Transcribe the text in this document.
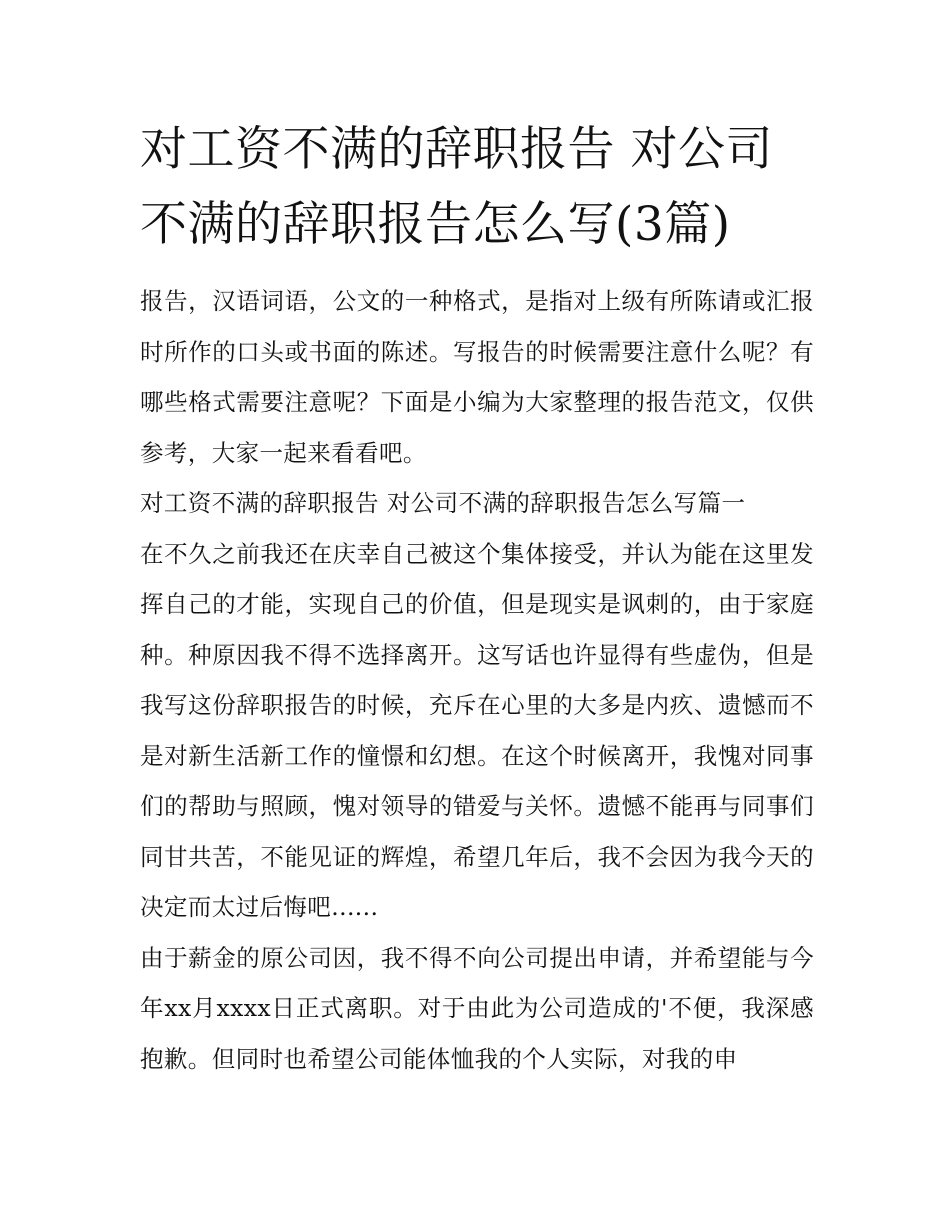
对工资不满的辞职报告 对公司不满的辞职报告怎么写(3篇)

报告，汉语词语，公文的一种格式，是指对上级有所陈请或汇报时所作的口头或书面的陈述。写报告的时候需要注意什么呢？有哪些格式需要注意呢？下面是小编为大家整理的报告范文，仅供参考，大家一起来看看吧。

对工资不满的辞职报告 对公司不满的辞职报告怎么写篇一

在不久之前我还在庆幸自己被这个集体接受，并认为能在这里发挥自己的才能，实现自己的价值，但是现实是讽刺的，由于家庭种。种原因我不得不选择离开。这写话也许显得有些虚伪，但是我写这份辞职报告的时候，充斥在心里的大多是内疚、遗憾而不是对新生活新工作的憧憬和幻想。在这个时候离开，我愧对同事们的帮助与照顾，愧对领导的错爱与关怀。遗憾不能再与同事们同甘共苦，不能见证的辉煌，希望几年后，我不会因为我今天的决定而太过后悔吧......

由于薪金的原公司因，我不得不向公司提出申请，并希望能与今年xx月xxxx日正式离职。对于由此为公司造成的'不便，我深感抱歉。但同时也希望公司能体恤我的个人实际，对我的申
